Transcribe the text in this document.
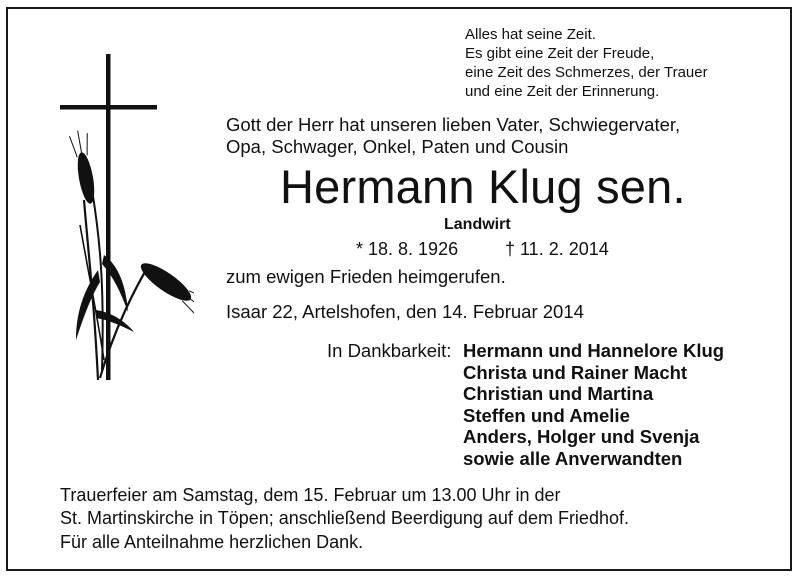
Alles hat seine Zeit.
Es gibt eine Zeit der Freude,
eine Zeit des Schmerzes, der Trauer
und eine Zeit der Erinnerung.
Gott der Herr hat unseren lieben Vater, Schwiegervater,
Opa, Schwager, Onkel, Paten und Cousin
Hermann Klug sen.
Landwirt
* 18. 8. 1926	† 11. 2. 2014
zum ewigen Frieden heimgerufen.
Isaar 22, Artelshofen, den 14. Februar 2014
In Dankbarkeit: Hermann und Hannelore Klug
Christa und Rainer Macht
Christian und Martina
Steffen und Amelie
Anders, Holger und Svenja
sowie alle Anverwandten
Trauerfeier am Samstag, dem 15. Februar um 13.00 Uhr in der
St. Martinskirche in Töpen; anschließend Beerdigung auf dem Friedhof.
Für alle Anteilnahme herzlichen Dank.
